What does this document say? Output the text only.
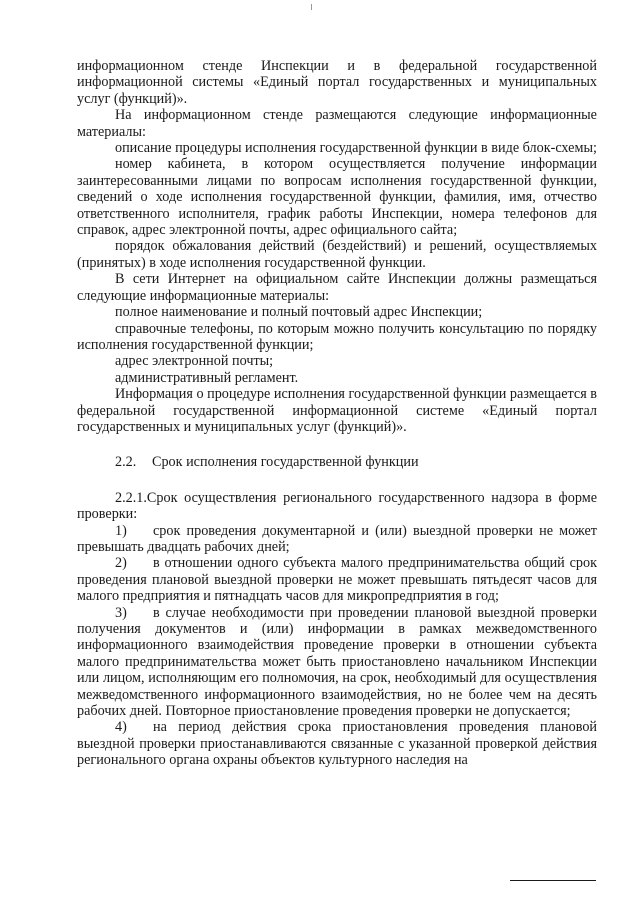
информационном стенде Инспекции и в федеральной государственной информационной системы «Единый портал государственных и муниципальных услуг (функций)».

На информационном стенде размещаются следующие информационные материалы:

описание процедуры исполнения государственной функции в виде блок-схемы;

номер кабинета, в котором осуществляется получение информации заинтересованными лицами по вопросам исполнения государственной функции, сведений о ходе исполнения государственной функции, фамилия, имя, отчество ответственного исполнителя, график работы Инспекции, номера телефонов для справок, адрес электронной почты, адрес официального сайта;

порядок обжалования действий (бездействий) и решений, осуществляемых (принятых) в ходе исполнения государственной функции.

В сети Интернет на официальном сайте Инспекции должны размещаться следующие информационные материалы:

полное наименование и полный почтовый адрес Инспекции;

справочные телефоны, по которым можно получить консультацию по порядку исполнения государственной функции;

адрес электронной почты;

административный регламент.

Информация о процедуре исполнения государственной функции размещается в федеральной государственной информационной системе «Единый портал государственных и муниципальных услуг (функций)».

2.2. Срок исполнения государственной функции

2.2.1.Срок осуществления регионального государственного надзора в форме проверки:

1) срок проведения документарной и (или) выездной проверки не может превышать двадцать рабочих дней;

2) в отношении одного субъекта малого предпринимательства общий срок проведения плановой выездной проверки не может превышать пятьдесят часов для малого предприятия и пятнадцать часов для микропредприятия в год;

3) в случае необходимости при проведении плановой выездной проверки получения документов и (или) информации в рамках межведомственного информационного взаимодействия проведение проверки в отношении субъекта малого предпринимательства может быть приостановлено начальником Инспекции или лицом, исполняющим его полномочия, на срок, необходимый для осуществления межведомственного информационного взаимодействия, но не более чем на десять рабочих дней. Повторное приостановление проведения проверки не допускается;

4) на период действия срока приостановления проведения плановой выездной проверки приостанавливаются связанные с указанной проверкой действия регионального органа охраны объектов культурного наследия на
